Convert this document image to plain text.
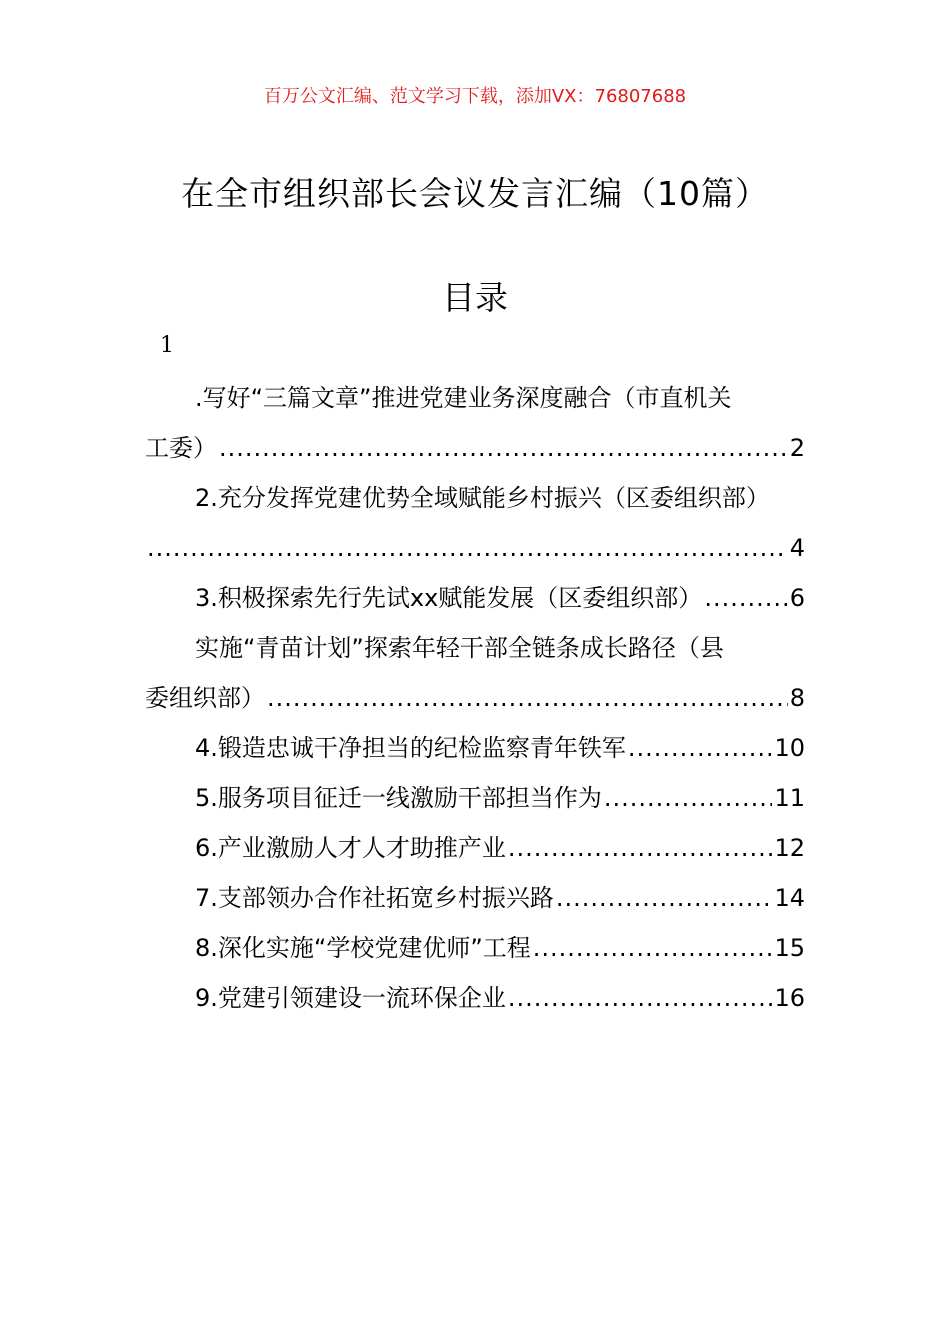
百万公文汇编、范文学习下载，添加VX：76807688
在全市组织部长会议发言汇编（10篇）
目录
1
.写好“三篇文章”推进党建业务深度融合（市直机关
工委） .....	2
2.充分发挥党建优势全域赋能乡村振兴（区委组织部）
.....
4
3.积极探索先行先试xx赋能发展（区委组织部） .....	6
实施“青苗计划”探索年轻干部全链条成长路径（县
委组织部） .....	8
4.锻造忠诚干净担当的纪检监察青年铁军 .....	10
5.服务项目征迁一线激励干部担当作为 .....	11
6.产业激励人才人才助推产业 .....	12
7.支部领办合作社拓宽乡村振兴路 .....	14
8.深化实施“学校党建优师”工程 .....	15
9.党建引领建设一流环保企业 .....	16
